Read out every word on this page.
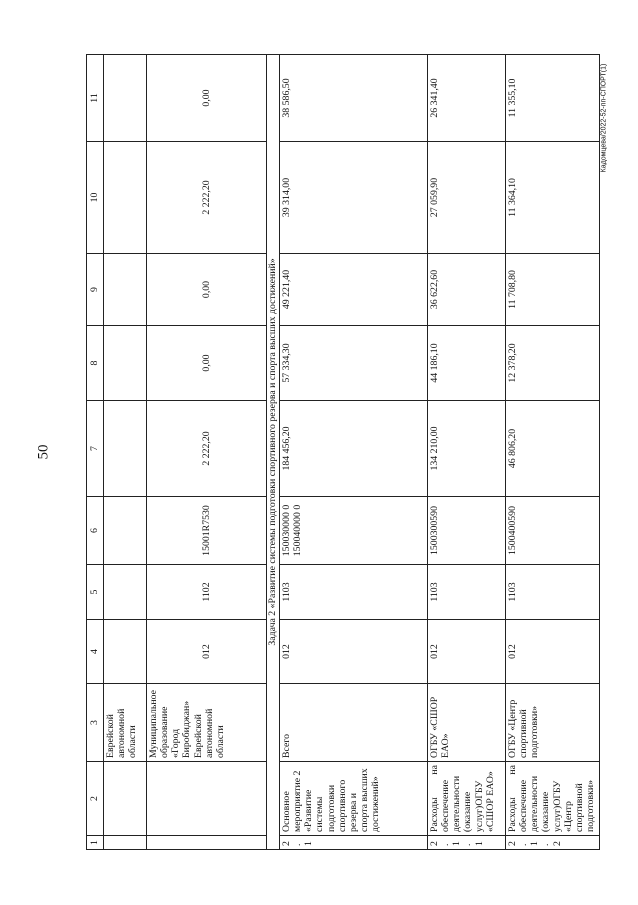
50
Кадомцева/2022-52-пп-СПОРТ(1)
1	2	3	4	5	6	7	8	9	10	11
		Еврейской автономной области								
		Муниципальное образование «Город Биробиджан» Еврейской автономной области	012	1102	15001R7530	2 222,20	0,00	0,00	2 222,20	0,00
Задача 2 «Развитие системы подготовки спортивного резерва и спорта высших достижений»										
2.1	Основное мероприятие 2 «Развитие системы подготовки спортивного резерва и спорта высших достижений»	Всего	012	1103	150030000 0 150040000 0	184 456,20	57 334,30	49 221,40	39 314,00	38 586,50
2.1.1	Расходы
на
обеспечение деятельности (оказание услуг)ОГБУ «СШОР ЕАО»	ОГБУ «СШОР ЕАО»	012	1103	1500300590	134 210,00	44 186,10	36 622,60	27 059,90	26 341,40
2.1.2	Расходы
на
обеспечение деятельности (оказание услуг)ОГБУ «Центр спортивной подготовки»	ОГБУ «Центр спортивной подготовки»	012	1103	1500400590	46 806,20	12 378,20	11 708,80	11 364,10	11 355,10
